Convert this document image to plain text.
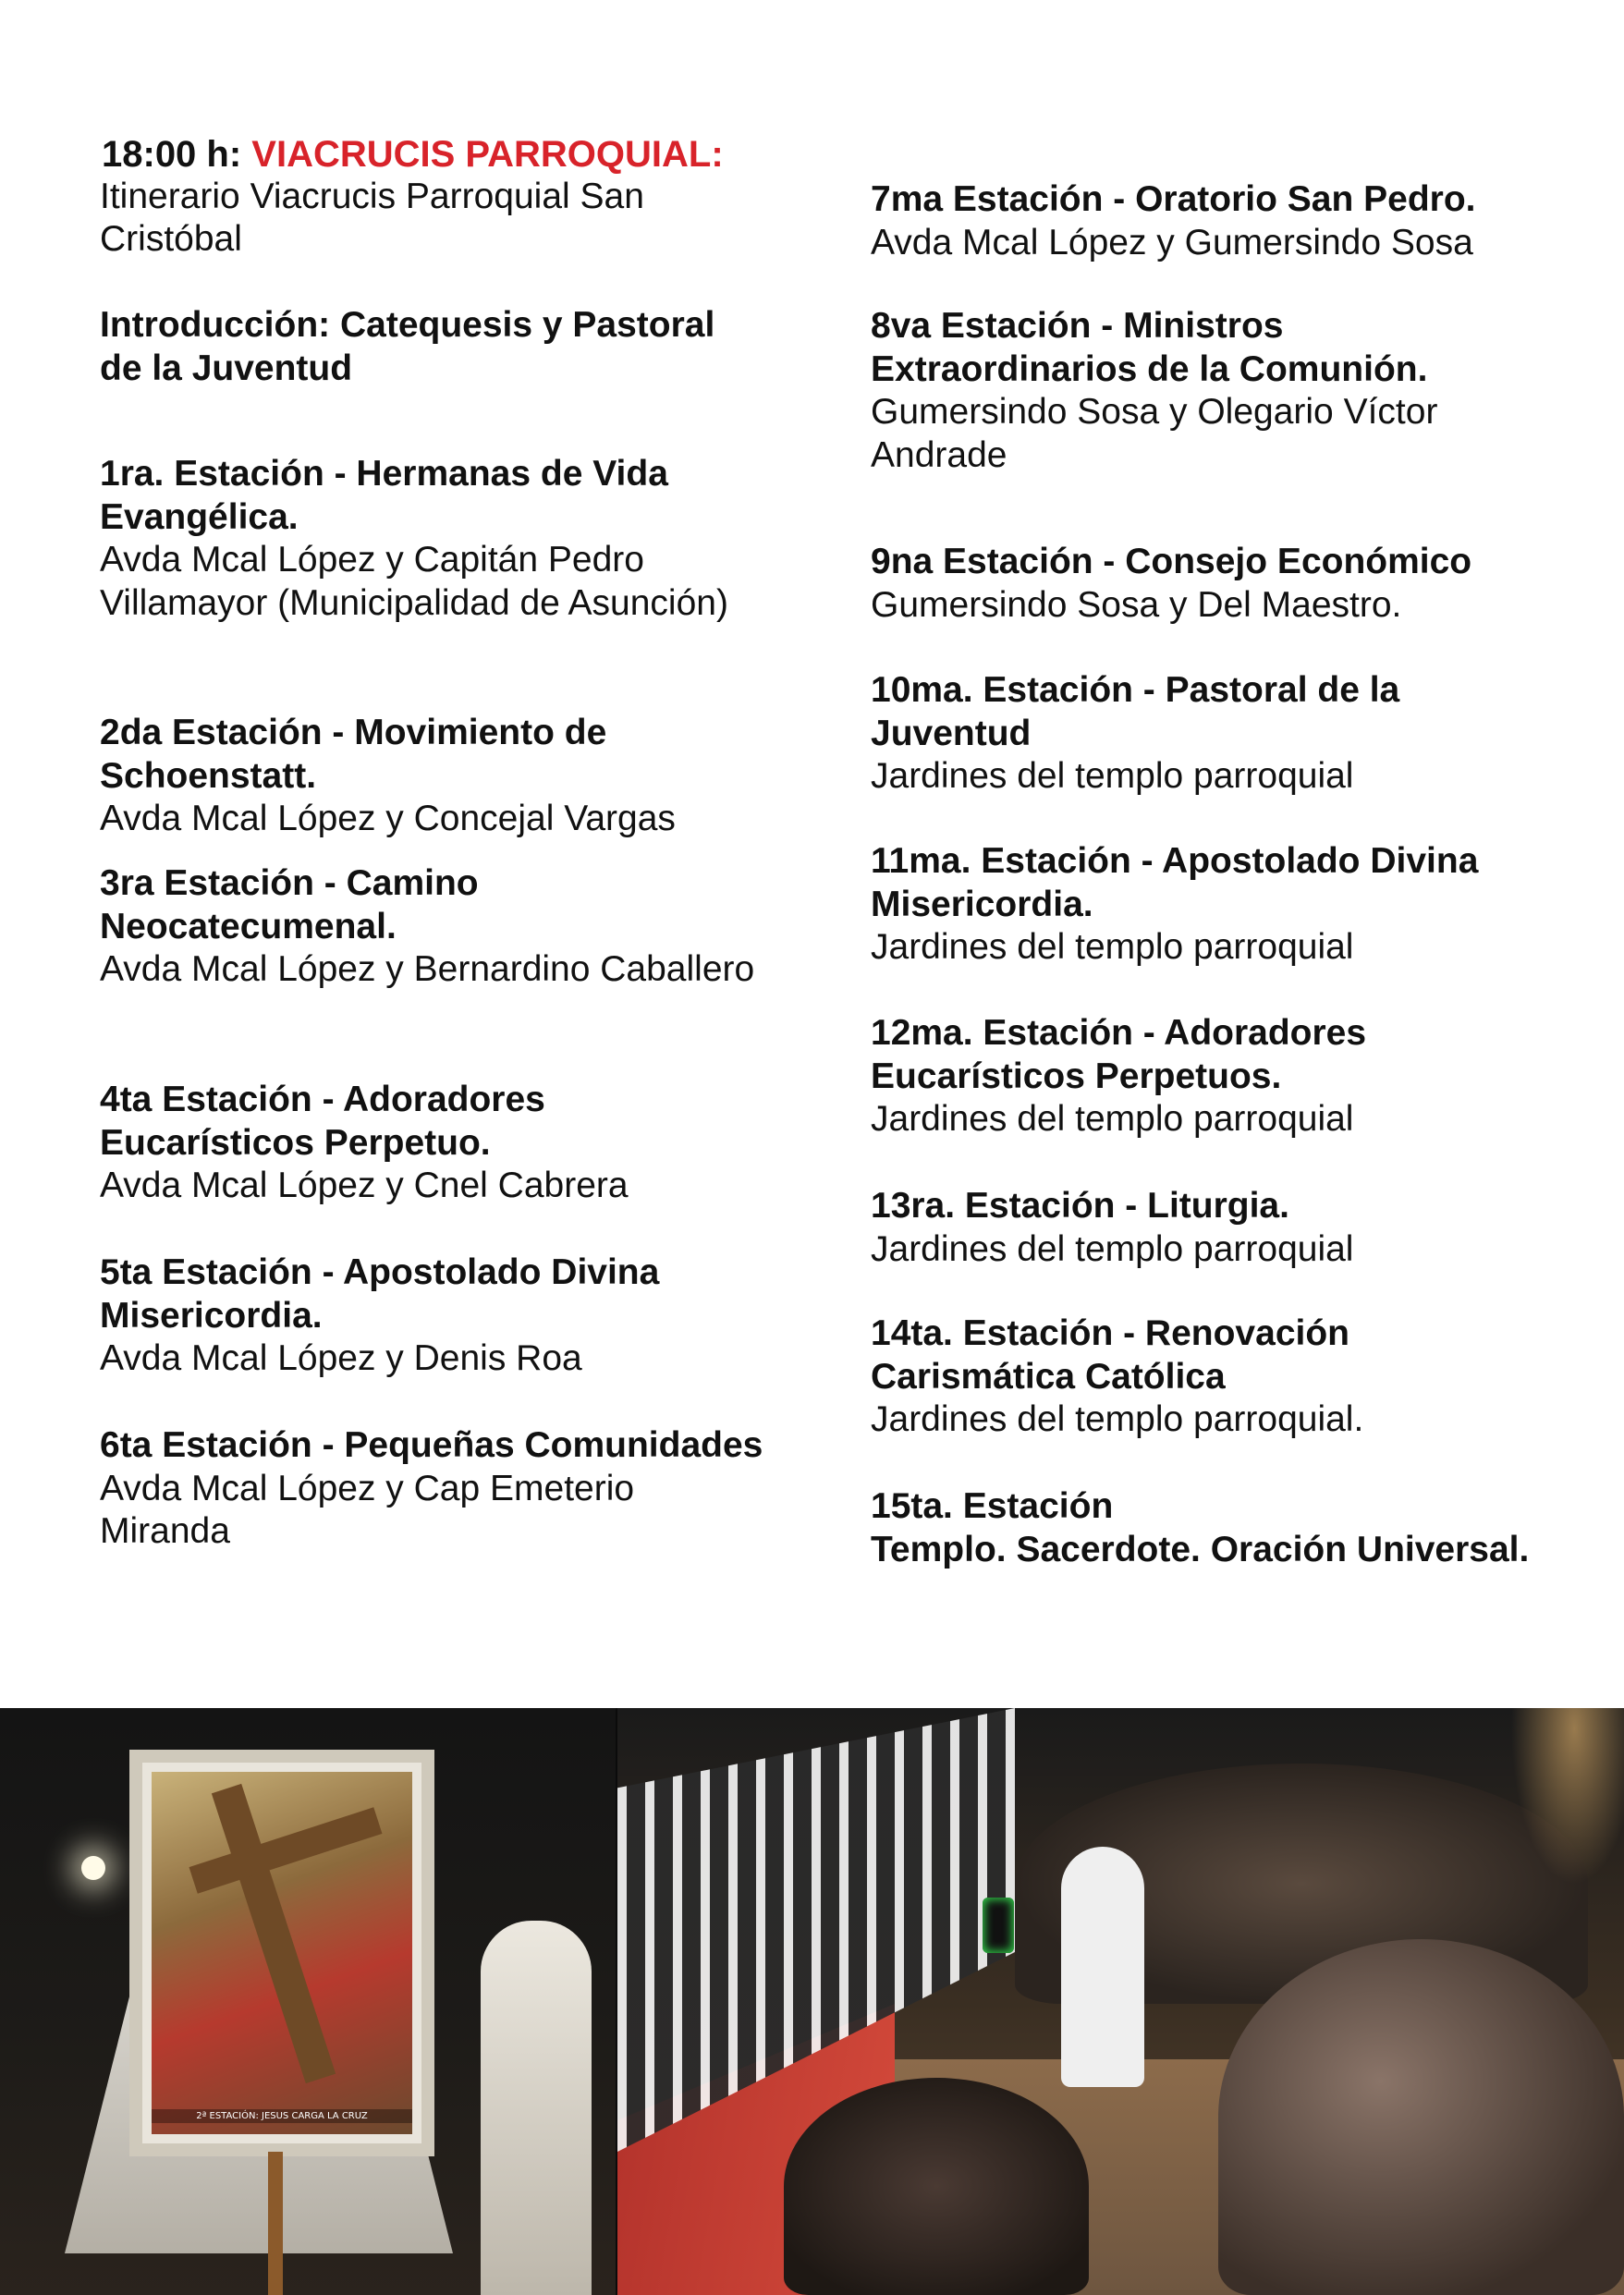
18:00 h: VIACRUCIS PARROQUIAL:
Itinerario Viacrucis Parroquial San Cristóbal
Introducción: Catequesis y Pastoral de la Juventud
1ra. Estación - Hermanas de Vida Evangélica.
Avda Mcal López y Capitán Pedro Villamayor (Municipalidad de Asunción)
2da Estación - Movimiento de Schoenstatt.
Avda Mcal López y Concejal Vargas
3ra Estación - Camino Neocatecumenal.
Avda Mcal López y Bernardino Caballero
4ta Estación - Adoradores Eucarísticos Perpetuo.
Avda Mcal López y Cnel Cabrera
5ta Estación - Apostolado Divina Misericordia.
Avda Mcal López y Denis Roa
6ta Estación - Pequeñas Comunidades
Avda Mcal López y Cap Emeterio Miranda
7ma Estación - Oratorio San Pedro.
Avda Mcal López y Gumersindo Sosa
8va Estación - Ministros Extraordinarios de la Comunión.
Gumersindo Sosa y Olegario Víctor Andrade
9na Estación - Consejo Económico
Gumersindo Sosa y Del Maestro.
10ma. Estación - Pastoral de la Juventud
Jardines del templo parroquial
11ma. Estación - Apostolado Divina Misericordia.
Jardines del templo parroquial
12ma. Estación - Adoradores Eucarísticos Perpetuos.
Jardines del templo parroquial
13ra. Estación - Liturgia.
Jardines del templo parroquial
14ta. Estación - Renovación Carismática Católica
Jardines del templo parroquial.
15ta. Estación
Templo. Sacerdote. Oración Universal.
2ª ESTACIÓN: JESUS CARGA LA CRUZ
